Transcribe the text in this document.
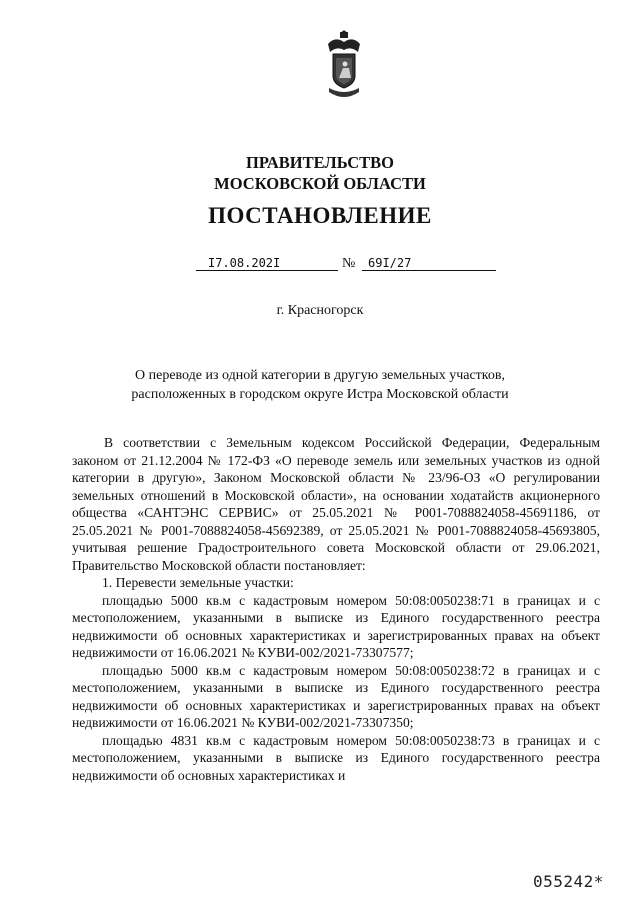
ПРАВИТЕЛЬСТВО
МОСКОВСКОЙ ОБЛАСТИ
ПОСТАНОВЛЕНИЕ
I7.08.202I	№	69I/27
г. Красногорск
О переводе из одной категории в другую земельных участков,
расположенных в городском округе Истра Московской области

В соответствии с Земельным кодексом Российской Федерации, Федеральным законом от 21.12.2004 № 172-ФЗ «О переводе земель или земельных участков из одной категории в другую», Законом Московской области № 23/96-ОЗ «О регулировании земельных отношений в Московской области», на основании ходатайств акционерного общества «САНТЭНС СЕРВИС» от 25.05.2021 № Р001-7088824058-45691186, от 25.05.2021 № Р001-7088824058-45692389, от 25.05.2021 № Р001-7088824058-45693805, учитывая решение Градостроительного совета Московской области от 29.06.2021, Правительство Московской области постановляет:

1. Перевести земельные участки:

площадью 5000 кв.м с кадастровым номером 50:08:0050238:71 в границах и с местоположением, указанными в выписке из Единого государственного реестра недвижимости об основных характеристиках и зарегистрированных правах на объект недвижимости от 16.06.2021 № КУВИ-002/2021-73307577;

площадью 5000 кв.м с кадастровым номером 50:08:0050238:72 в границах и с местоположением, указанными в выписке из Единого государственного реестра недвижимости об основных характеристиках и зарегистрированных правах на объект недвижимости от 16.06.2021 № КУВИ-002/2021-73307350;

площадью 4831 кв.м с кадастровым номером 50:08:0050238:73 в границах и с местоположением, указанными в выписке из Единого государственного реестра недвижимости об основных характеристиках и

055242*
